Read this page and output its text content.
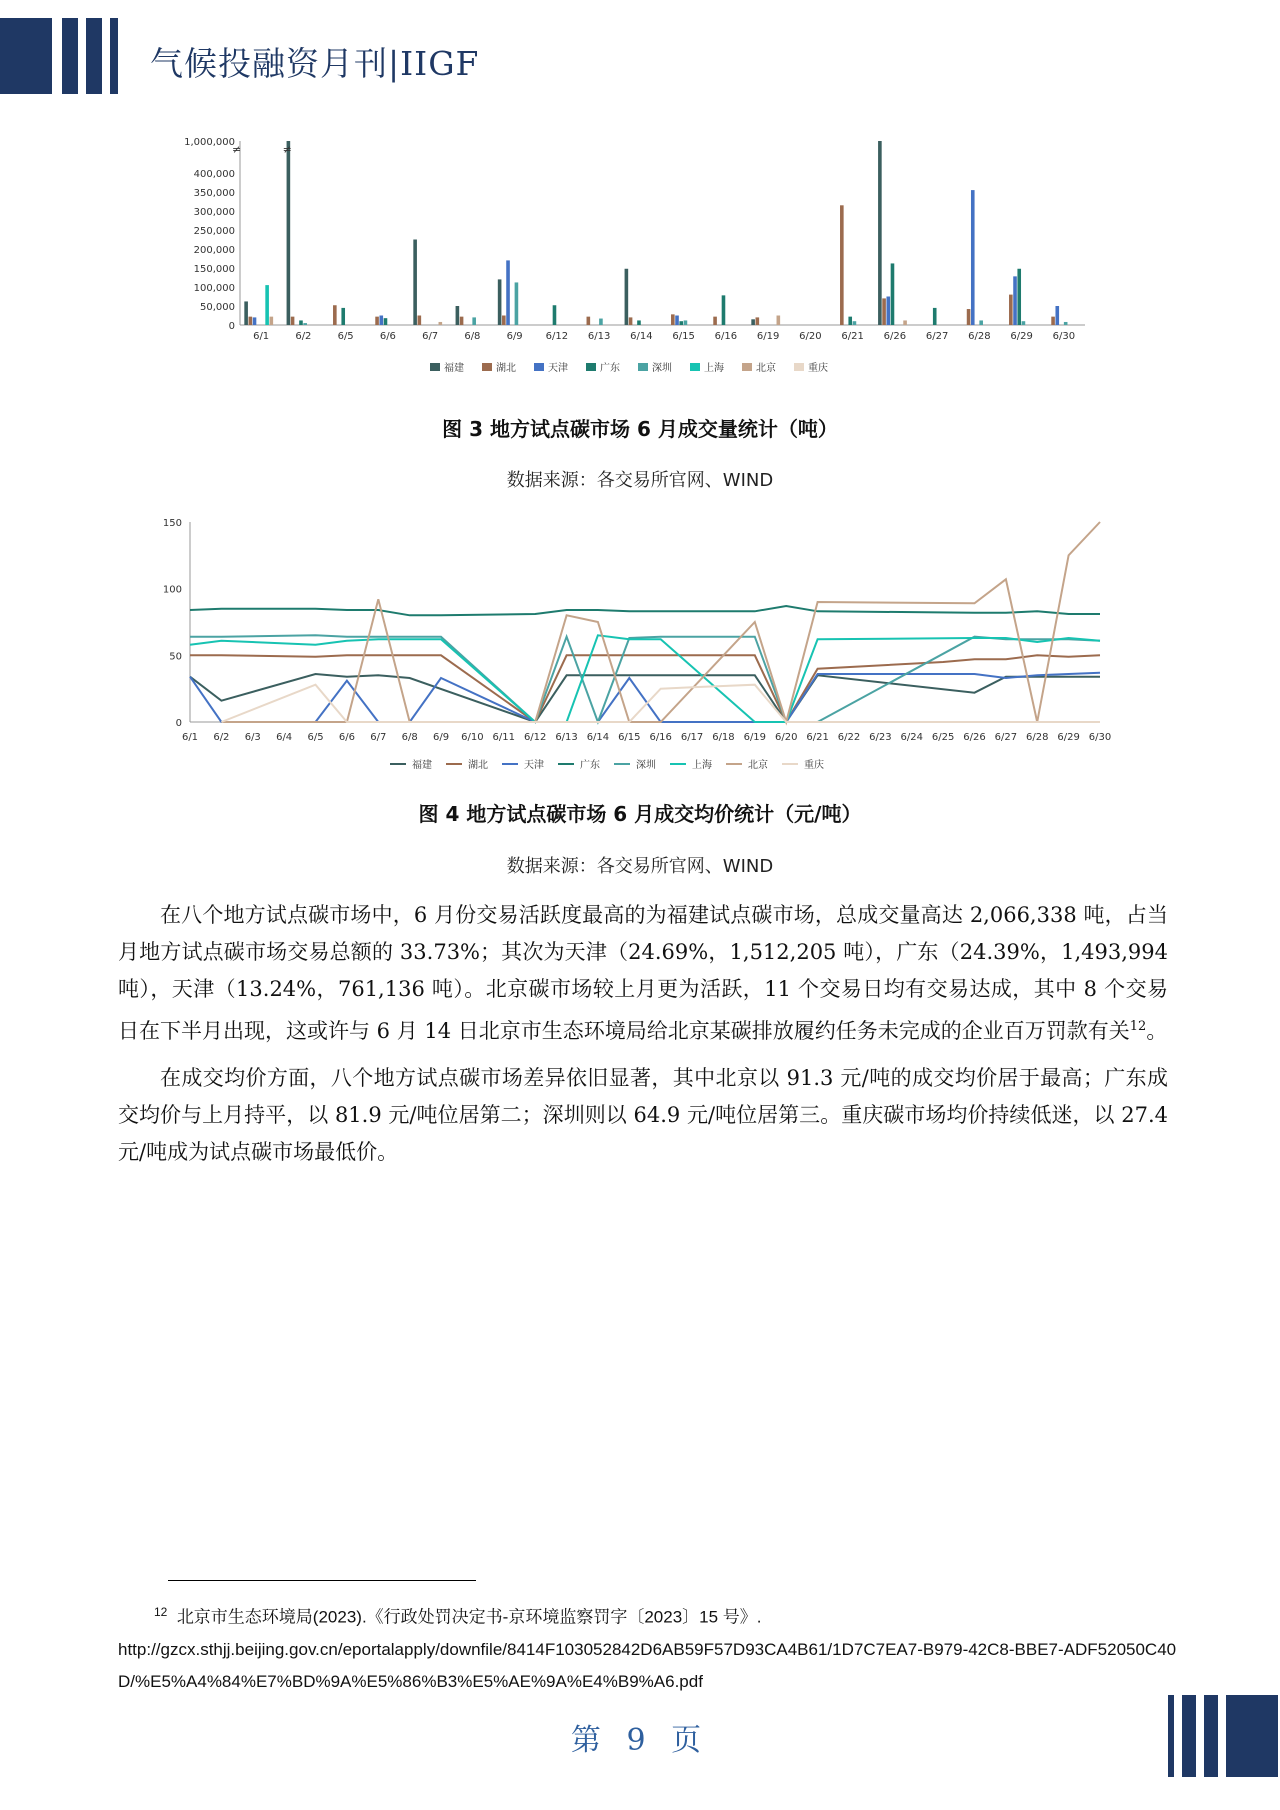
气候投融资月刊|IIGF
0
50,000
100,000
150,000
200,000
250,000
300,000
350,000
400,000
1,000,000
≠
6/1
≠
6/2	6/5	6/6	6/7	6/8	6/9 6/12 6/13 6/14 6/15 6/16 6/19 6/20 6/21 6/26 6/27 6/28 6/29 6/30
福建	湖北	天津	广东	深圳	上海	北京	重庆
图 3 地方试点碳市场 6 月成交量统计（吨）
数据来源：各交易所官网、WIND
0
50
100
150
6/1 6/2 6/3 6/4 6/5 6/6 6/7 6/8 6/9 6/10 6/11 6/12 6/13 6/14 6/15 6/16 6/17 6/18 6/19 6/20 6/21 6/22 6/23 6/24 6/25 6/26 6/27 6/28 6/29 6/30
福建	湖北	天津	广东	深圳	上海	北京	重庆
图 4 地方试点碳市场 6 月成交均价统计（元/吨）
数据来源：各交易所官网、WIND

在八个地方试点碳市场中，6 月份交易活跃度最高的为福建试点碳市场，总成交量高达 2,066,338 吨，占当月地方试点碳市场交易总额的 33.73%；其次为天津（24.69%，1,512,205 吨），广东（24.39%，1,493,994 吨），天津（13.24%，761,136 吨）。北京碳市场较上月更为活跃，11 个交易日均有交易达成，其中 8 个交易日在下半月出现，这或许与 6 月 14 日北京市生态环境局给北京某碳排放履约任务未完成的企业百万罚款有关$^{12}$。

在成交均价方面，八个地方试点碳市场差异依旧显著，其中北京以 91.3 元/吨的成交均价居于最高；广东成交均价与上月持平，以 81.9 元/吨位居第二；深圳则以 64.9 元/吨位居第三。重庆碳市场均价持续低迷，以 27.4 元/吨成为试点碳市场最低价。

$^{12}$ 北京市生态环境局(2023).《行政处罚决定书-京环境监察罚字〔2023〕15 号》.
http://gzcx.sthjj.beijing.gov.cn/eportalapply/downfile/8414F103052842D6AB59F57D93CA4B61/1D7C7EA7-B979-42C8-BBE7-ADF52050C40D/%E5%A4%84%E7%BD%9A%E5%86%B3%E5%AE%9A%E4%B9%A6.pdf
第 9 页
